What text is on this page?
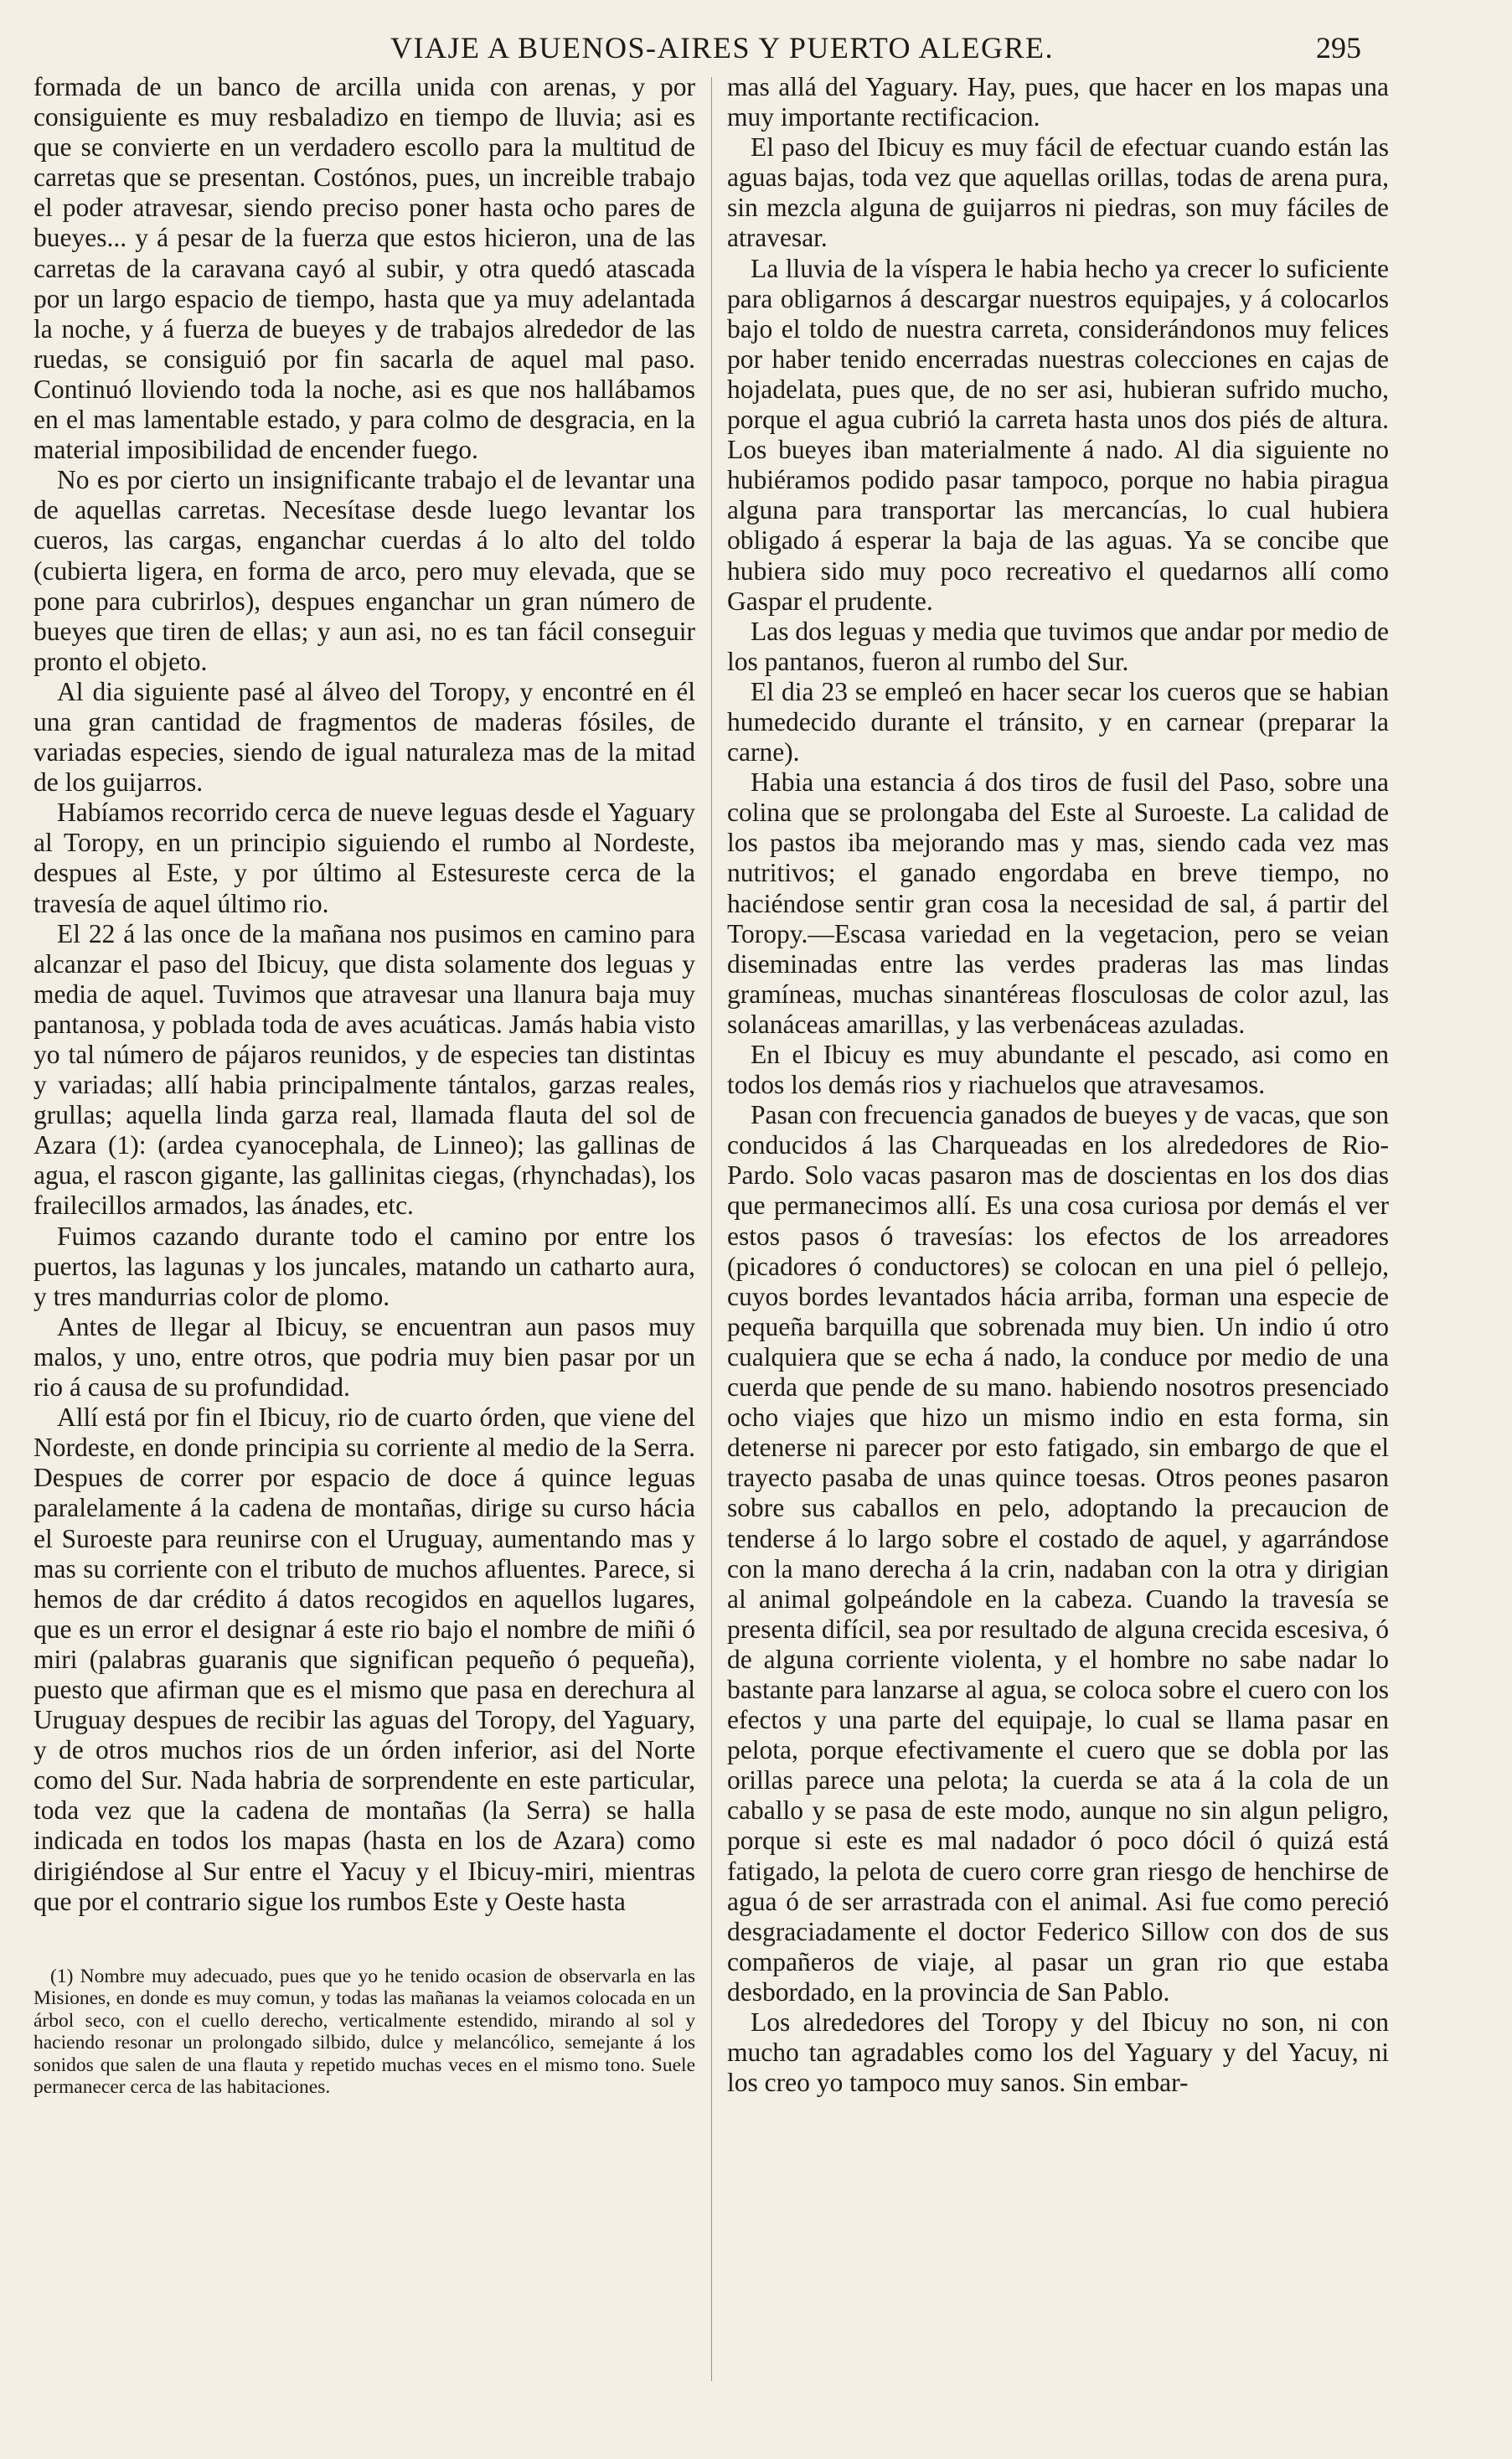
VIAJE A BUENOS-AIRES Y PUERTO ALEGRE.	295

formada de un banco de arcilla unida con arenas, y por consiguiente es muy resbaladizo en tiempo de lluvia; asi es que se convierte en un verdadero escollo para la multitud de carretas que se presentan. Costónos, pues, un increible trabajo el poder atravesar, siendo preciso poner hasta ocho pares de bueyes... y á pesar de la fuerza que estos hicieron, una de las carretas de la caravana cayó al subir, y otra quedó atascada por un largo espacio de tiempo, hasta que ya muy adelantada la noche, y á fuerza de bueyes y de trabajos alrededor de las ruedas, se consiguió por fin sacarla de aquel mal paso. Continuó lloviendo toda la noche, asi es que nos hallábamos en el mas lamentable estado, y para colmo de desgracia, en la material imposibilidad de encender fuego.

No es por cierto un insignificante trabajo el de levantar una de aquellas carretas. Necesítase desde luego levantar los cueros, las cargas, enganchar cuerdas á lo alto del toldo (cubierta ligera, en forma de arco, pero muy elevada, que se pone para cubrirlos), despues enganchar un gran número de bueyes que tiren de ellas; y aun asi, no es tan fácil conseguir pronto el objeto.

Al dia siguiente pasé al álveo del Toropy, y encontré en él una gran cantidad de fragmentos de maderas fósiles, de variadas especies, siendo de igual naturaleza mas de la mitad de los guijarros.

Habíamos recorrido cerca de nueve leguas desde el Yaguary al Toropy, en un principio siguiendo el rumbo al Nordeste, despues al Este, y por último al Estesureste cerca de la travesía de aquel último rio.

El 22 á las once de la mañana nos pusimos en camino para alcanzar el paso del Ibicuy, que dista solamente dos leguas y media de aquel. Tuvimos que atravesar una llanura baja muy pantanosa, y poblada toda de aves acuáticas. Jamás habia visto yo tal número de pájaros reunidos, y de especies tan distintas y variadas; allí habia principalmente tántalos, garzas reales, grullas; aquella linda garza real, llamada flauta del sol de Azara (1): (ardea cyanocephala, de Linneo); las gallinas de agua, el rascon gigante, las gallinitas ciegas, (rhynchadas), los frailecillos armados, las ánades, etc.

Fuimos cazando durante todo el camino por entre los puertos, las lagunas y los juncales, matando un catharto aura, y tres mandurrias color de plomo.

Antes de llegar al Ibicuy, se encuentran aun pasos muy malos, y uno, entre otros, que podria muy bien pasar por un rio á causa de su profundidad.

Allí está por fin el Ibicuy, rio de cuarto órden, que viene del Nordeste, en donde principia su corriente al medio de la Serra. Despues de correr por espacio de doce á quince leguas paralelamente á la cadena de montañas, dirige su curso hácia el Suroeste para reunirse con el Uruguay, aumentando mas y mas su corriente con el tributo de muchos afluentes. Parece, si hemos de dar crédito á datos recogidos en aquellos lugares, que es un error el designar á este rio bajo el nombre de miñi ó miri (palabras guaranis que significan pequeño ó pequeña), puesto que afirman que es el mismo que pasa en derechura al Uruguay despues de recibir las aguas del Toropy, del Yaguary, y de otros muchos rios de un órden inferior, asi del Norte como del Sur. Nada habria de sorprendente en este particular, toda vez que la cadena de montañas (la Serra) se halla indicada en todos los mapas (hasta en los de Azara) como dirigiéndose al Sur entre el Yacuy y el Ibicuy-miri, mientras que por el contrario sigue los rumbos Este y Oeste hasta

(1) Nombre muy adecuado, pues que yo he tenido ocasion de observarla en las Misiones, en donde es muy comun, y todas las mañanas la veiamos colocada en un árbol seco, con el cuello derecho, verticalmente estendido, mirando al sol y haciendo resonar un prolongado silbido, dulce y melancólico, semejante á los sonidos que salen de una flauta y repetido muchas veces en el mismo tono. Suele permanecer cerca de las habitaciones.

mas allá del Yaguary. Hay, pues, que hacer en los mapas una muy importante rectificacion.

El paso del Ibicuy es muy fácil de efectuar cuando están las aguas bajas, toda vez que aquellas orillas, todas de arena pura, sin mezcla alguna de guijarros ni piedras, son muy fáciles de atravesar.

La lluvia de la víspera le habia hecho ya crecer lo suficiente para obligarnos á descargar nuestros equipajes, y á colocarlos bajo el toldo de nuestra carreta, considerándonos muy felices por haber tenido encerradas nuestras colecciones en cajas de hojadelata, pues que, de no ser asi, hubieran sufrido mucho, porque el agua cubrió la carreta hasta unos dos piés de altura. Los bueyes iban materialmente á nado. Al dia siguiente no hubiéramos podido pasar tampoco, porque no habia piragua alguna para transportar las mercancías, lo cual hubiera obligado á esperar la baja de las aguas. Ya se concibe que hubiera sido muy poco recreativo el quedarnos allí como Gaspar el prudente.

Las dos leguas y media que tuvimos que andar por medio de los pantanos, fueron al rumbo del Sur.

El dia 23 se empleó en hacer secar los cueros que se habian humedecido durante el tránsito, y en carnear (preparar la carne).

Habia una estancia á dos tiros de fusil del Paso, sobre una colina que se prolongaba del Este al Suroeste. La calidad de los pastos iba mejorando mas y mas, siendo cada vez mas nutritivos; el ganado engordaba en breve tiempo, no haciéndose sentir gran cosa la necesidad de sal, á partir del Toropy.—Escasa variedad en la vegetacion, pero se veian diseminadas entre las verdes praderas las mas lindas gramíneas, muchas sinantéreas flosculosas de color azul, las solanáceas amarillas, y las verbenáceas azuladas.

En el Ibicuy es muy abundante el pescado, asi como en todos los demás rios y riachuelos que atravesamos.

Pasan con frecuencia ganados de bueyes y de vacas, que son conducidos á las Charqueadas en los alrededores de Rio-Pardo. Solo vacas pasaron mas de doscientas en los dos dias que permanecimos allí. Es una cosa curiosa por demás el ver estos pasos ó travesías: los efectos de los arreadores (picadores ó conductores) se colocan en una piel ó pellejo, cuyos bordes levantados hácia arriba, forman una especie de pequeña barquilla que sobrenada muy bien. Un indio ú otro cualquiera que se echa á nado, la conduce por medio de una cuerda que pende de su mano. habiendo nosotros presenciado ocho viajes que hizo un mismo indio en esta forma, sin detenerse ni parecer por esto fatigado, sin embargo de que el trayecto pasaba de unas quince toesas. Otros peones pasaron sobre sus caballos en pelo, adoptando la precaucion de tenderse á lo largo sobre el costado de aquel, y agarrándose con la mano derecha á la crin, nadaban con la otra y dirigian al animal golpeándole en la cabeza. Cuando la travesía se presenta difícil, sea por resultado de alguna crecida escesiva, ó de alguna corriente violenta, y el hombre no sabe nadar lo bastante para lanzarse al agua, se coloca sobre el cuero con los efectos y una parte del equipaje, lo cual se llama pasar en pelota, porque efectivamente el cuero que se dobla por las orillas parece una pelota; la cuerda se ata á la cola de un caballo y se pasa de este modo, aunque no sin algun peligro, porque si este es mal nadador ó poco dócil ó quizá está fatigado, la pelota de cuero corre gran riesgo de henchirse de agua ó de ser arrastrada con el animal. Asi fue como pereció desgraciadamente el doctor Federico Sillow con dos de sus compañeros de viaje, al pasar un gran rio que estaba desbordado, en la provincia de San Pablo.

Los alrededores del Toropy y del Ibicuy no son, ni con mucho tan agradables como los del Yaguary y del Yacuy, ni los creo yo tampoco muy sanos. Sin embar-
